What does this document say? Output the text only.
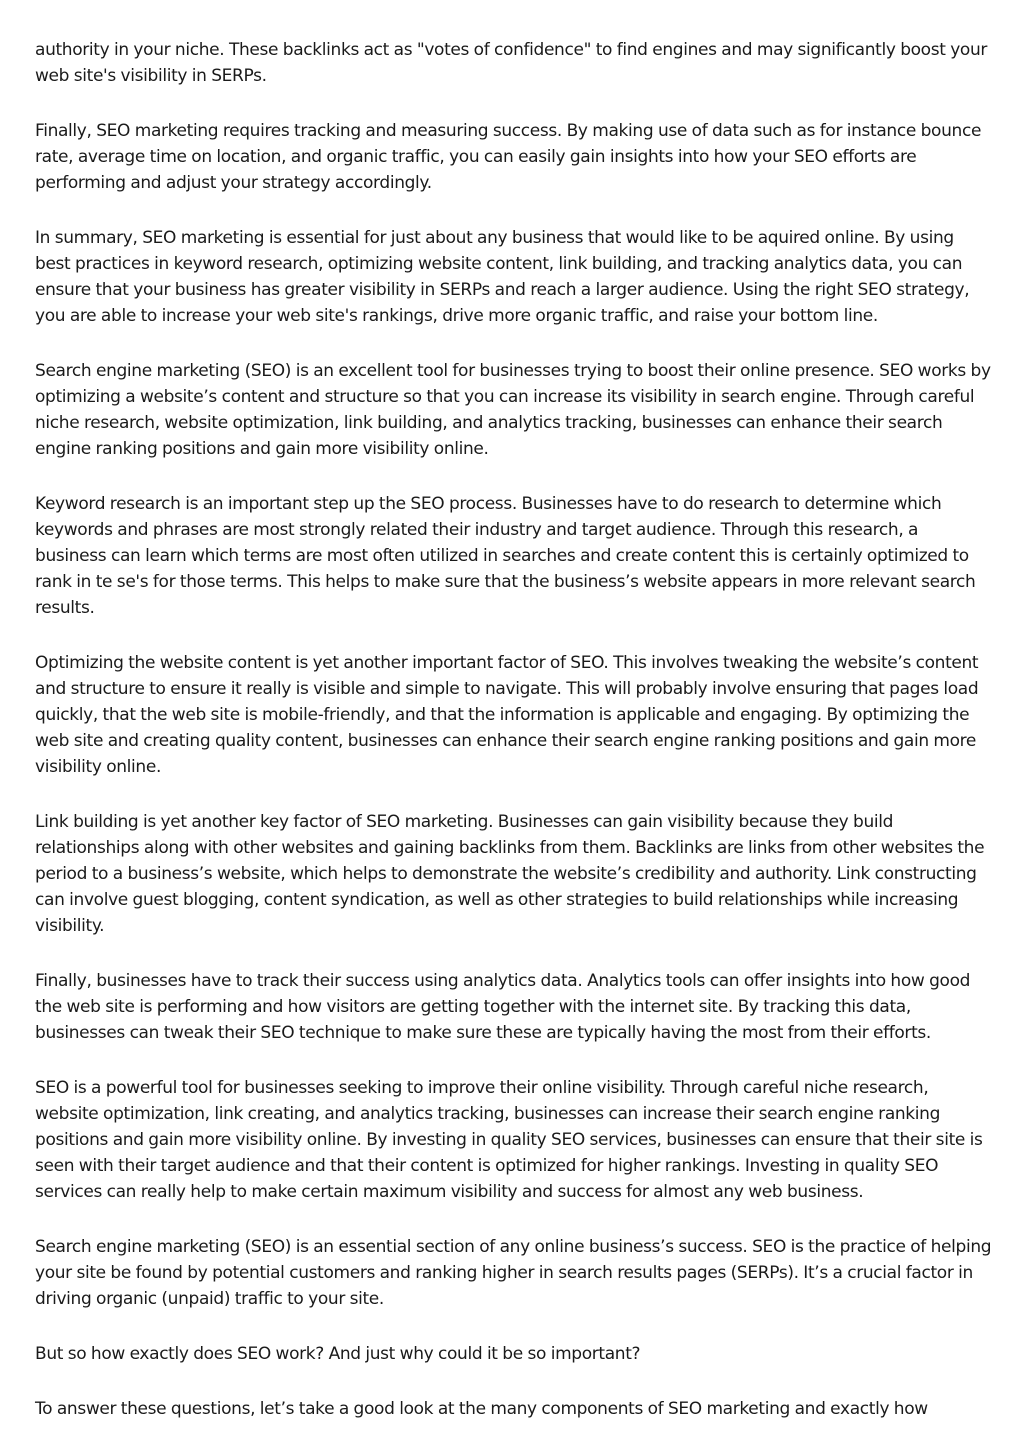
authority in your niche. These backlinks act as "votes of confidence" to find engines and may significantly boost your web site's visibility in SERPs.

Finally, SEO marketing requires tracking and measuring success. By making use of data such as for instance bounce rate, average time on location, and organic traffic, you can easily gain insights into how your SEO efforts are performing and adjust your strategy accordingly.

In summary, SEO marketing is essential for just about any business that would like to be aquired online. By using best practices in keyword research, optimizing website content, link building, and tracking analytics data, you can ensure that your business has greater visibility in SERPs and reach a larger audience. Using the right SEO strategy, you are able to increase your web site's rankings, drive more organic traffic, and raise your bottom line.

Search engine marketing (SEO) is an excellent tool for businesses trying to boost their online presence. SEO works by optimizing a website’s content and structure so that you can increase its visibility in search engine. Through careful niche research, website optimization, link building, and analytics tracking, businesses can enhance their search engine ranking positions and gain more visibility online.

Keyword research is an important step up the SEO process. Businesses have to do research to determine which keywords and phrases are most strongly related their industry and target audience. Through this research, a business can learn which terms are most often utilized in searches and create content this is certainly optimized to rank in te se's for those terms. This helps to make sure that the business’s website appears in more relevant search results.

Optimizing the website content is yet another important factor of SEO. This involves tweaking the website’s content and structure to ensure it really is visible and simple to navigate. This will probably involve ensuring that pages load quickly, that the web site is mobile-friendly, and that the information is applicable and engaging. By optimizing the web site and creating quality content, businesses can enhance their search engine ranking positions and gain more visibility online.

Link building is yet another key factor of SEO marketing. Businesses can gain visibility because they build relationships along with other websites and gaining backlinks from them. Backlinks are links from other websites the period to a business’s website, which helps to demonstrate the website’s credibility and authority. Link constructing can involve guest blogging, content syndication, as well as other strategies to build relationships while increasing visibility.

Finally, businesses have to track their success using analytics data. Analytics tools can offer insights into how good the web site is performing and how visitors are getting together with the internet site. By tracking this data, businesses can tweak their SEO technique to make sure these are typically having the most from their efforts.

SEO is a powerful tool for businesses seeking to improve their online visibility. Through careful niche research, website optimization, link creating, and analytics tracking, businesses can increase their search engine ranking positions and gain more visibility online. By investing in quality SEO services, businesses can ensure that their site is seen with their target audience and that their content is optimized for higher rankings. Investing in quality SEO services can really help to make certain maximum visibility and success for almost any web business.

Search engine marketing (SEO) is an essential section of any online business’s success. SEO is the practice of helping your site be found by potential customers and ranking higher in search results pages (SERPs). It’s a crucial factor in driving organic (unpaid) traffic to your site.

But so how exactly does SEO work? And just why could it be so important?

To answer these questions, let’s take a good look at the many components of SEO marketing and exactly how
